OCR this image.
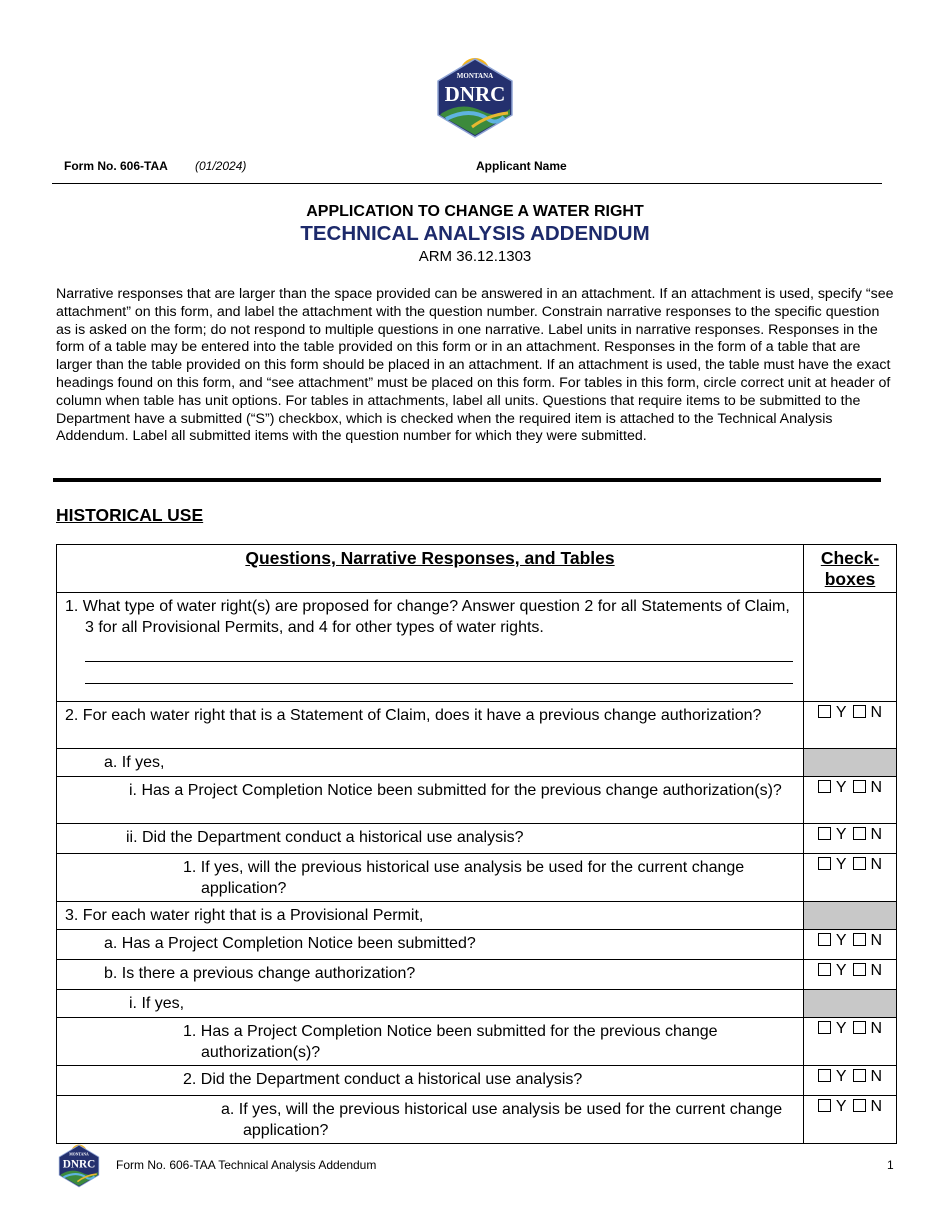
MONTANA
DNRC
Form No. 606-TAA (01/2024)	Applicant Name
APPLICATION TO CHANGE A WATER RIGHT
TECHNICAL ANALYSIS ADDENDUM
ARM 36.12.1303
Narrative responses that are larger than the space provided can be answered in an attachment. If an attachment is used, specify “see attachment” on this form, and label the attachment with the question number. Constrain narrative responses to the specific question as is asked on the form; do not respond to multiple questions in one narrative. Label units in narrative responses. Responses in the form of a table may be entered into the table provided on this form or in an attachment. Responses in the form of a table that are larger than the table provided on this form should be placed in an attachment. If an attachment is used, the table must have the exact headings found on this form, and “see attachment” must be placed on this form. For tables in this form, circle correct unit at header of column when table has unit options. For tables in attachments, label all units. Questions that require items to be submitted to the Department have a submitted (“S”) checkbox, which is checked when the required item is attached to the Technical Analysis Addendum. Label all submitted items with the question number for which they were submitted.
HISTORICAL USE
Questions, Narrative Responses, and Tables	Check-
boxes

1. What type of water right(s) are proposed for change? Answer question 2 for all Statements of Claim, 3 for all Provisional Permits, and 4 for other types of water rights.	

2. For each water right that is a Statement of Claim, does it have a previous change authorization?	Y N

a. If yes,	

i. Has a Project Completion Notice been submitted for the previous change authorization(s)?	Y N

ii. Did the Department conduct a historical use analysis?	Y N

1. If yes, will the previous historical use analysis be used for the current change application?	Y N

3. For each water right that is a Provisional Permit,	

a. Has a Project Completion Notice been submitted?	Y N

b. Is there a previous change authorization?	Y N

i. If yes,	

1. Has a Project Completion Notice been submitted for the previous change authorization(s)?	Y N

2. Did the Department conduct a historical use analysis?	Y N

a. If yes, will the previous historical use analysis be used for the current change application?	Y N
MONTANA
DNRC Form No. 606-TAA Technical Analysis Addendum	1
